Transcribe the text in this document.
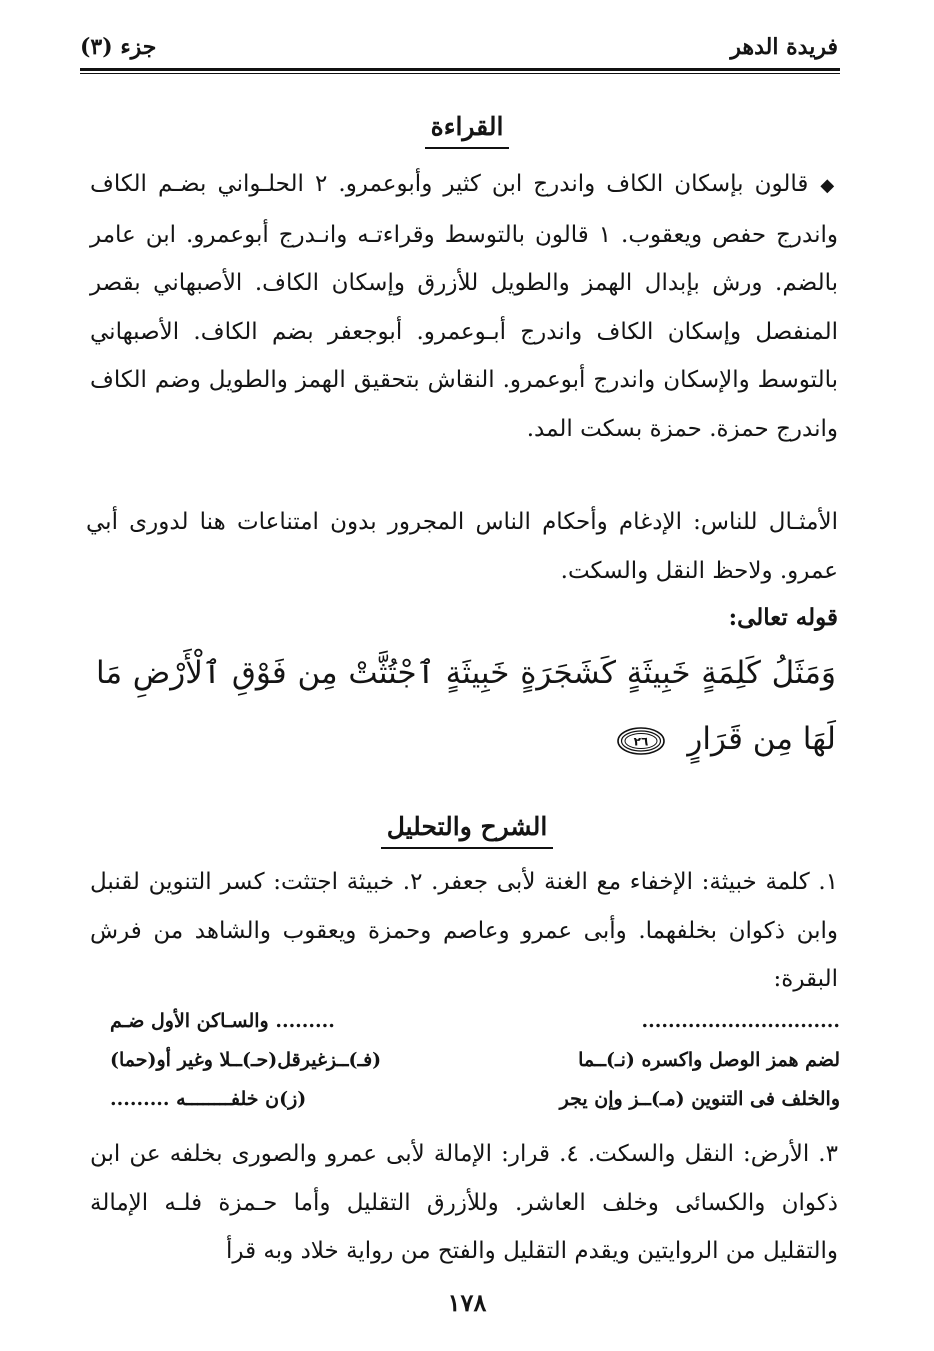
فريدة الدهر
جزء (٣)
القراءة
◆قالون بإسكان الكاف واندرج ابن كثير وأبوعمرو. ٢ الحلـواني بضـم الكاف واندرج حفص ويعقوب. ١ قالون بالتوسط وقراءتـه وانـدرج أبوعمرو. ابن عامر بالضم. ورش بإبدال الهمز والطويل للأزرق وإسكان الكاف. الأصبهاني بقصر المنفصل وإسكان الكاف واندرج أبـوعمرو. أبوجعفر بضم الكاف. الأصبهاني بالتوسط والإسكان واندرج أبوعمرو. النقاش بتحقيق الهمز والطويل وضم الكاف واندرج حمزة. حمزة بسكت المد.
الأمثـال للناس: الإدغام وأحكام الناس المجرور بدون امتناعات هنا لدورى أبي عمرو. ولاحظ النقل والسكت.
قوله تعالى:
وَمَثَلُ كَلِمَةٍ خَبِيثَةٍ كَشَجَرَةٍ خَبِيثَةٍ ٱجْتُثَّتْ مِن فَوْقِ ٱلْأَرْضِ مَا لَهَا مِن قَرَارٍ
٢٦
الشرح والتحليل
١. كلمة خبيثة: الإخفاء مع الغنة لأبى جعفر. ٢. خبيثة اجتثت: كسر التنوين لقنبل وابن ذكوان بخلفهما. وأبى عمرو وعاصم وحمزة ويعقوب والشاهد من فرش البقرة:
..............................
......... والسـاكن الأول ضـم
لضم همز الوصل واكسره (نـ)ــما
(فـ)ــزغيرقل(حـ)ــلا وغير أو(حما)
والخلف فى التنوين (مـ)ــز وإن يجر
(ز)ن خلفــــــــه .........
٣. الأرض: النقل والسكت. ٤. قرار: الإمالة لأبى عمرو والصورى بخلفه عن ابن ذكوان والكسائى وخلف العاشر. وللأزرق التقليل وأما حـمزة فلـه الإمالة والتقليل من الروايتين ويقدم التقليل والفتح من رواية خلاد وبه قرأ
١٧٨
